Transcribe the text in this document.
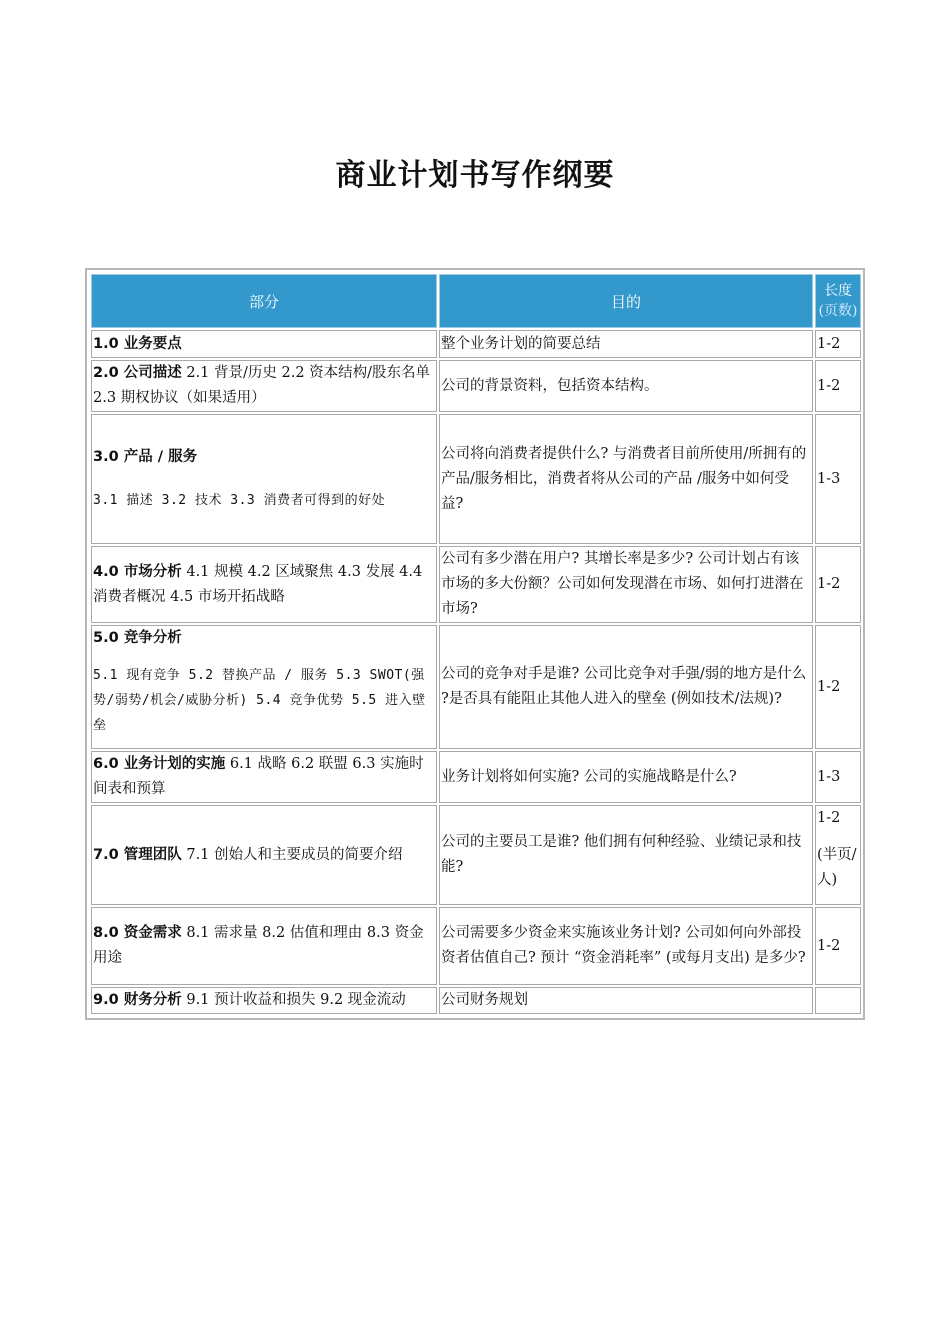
商业计划书写作纲要
部分	目的	长度
(页数)
1.0 业务要点	整个业务计划的简要总结	1-2
2.0 公司描述 2.1 背景/历史 2.2 资本结构/股东名单 2.3 期权协议（如果适用）	公司的背景资料，包括资本结构。	1-2
3.0 产品 / 服务
3.1 描述 3.2 技术 3.3 消费者可得到的好处	公司将向消费者提供什么? 与消费者目前所使用/所拥有的产品/服务相比，消费者将从公司的产品 /服务中如何受益?	1-3
4.0 市场分析 4.1 规模 4.2 区域聚焦 4.3 发展 4.4 消费者概况 4.5 市场开拓战略	公司有多少潜在用户? 其增长率是多少? 公司计划占有该市场的多大份额？公司如何发现潜在市场、如何打进潜在市场?	1-2
5.0 竞争分析
5.1 现有竞争 5.2 替换产品 / 服务 5.3 SWOT(强势/弱势/机会/威胁分析) 5.4 竞争优势 5.5 进入壁垒	公司的竞争对手是谁? 公司比竞争对手强/弱的地方是什么 ?是否具有能阻止其他人进入的壁垒 (例如技术/法规)?	1-2
6.0 业务计划的实施 6.1 战略 6.2 联盟 6.3 实施时间表和预算	业务计划将如何实施? 公司的实施战略是什么?	1-3
7.0 管理团队 7.1 创始人和主要成员的简要介绍	公司的主要员工是谁? 他们拥有何种经验、业绩记录和技能?	1-2
(半页/人)
8.0 资金需求 8.1 需求量 8.2 估值和理由 8.3 资金用途	公司需要多少资金来实施该业务计划? 公司如何向外部投资者估值自己? 预计 “资金消耗率” (或每月支出) 是多少?	1-2
9.0 财务分析 9.1 预计收益和损失 9.2 现金流动	公司财务规划	
